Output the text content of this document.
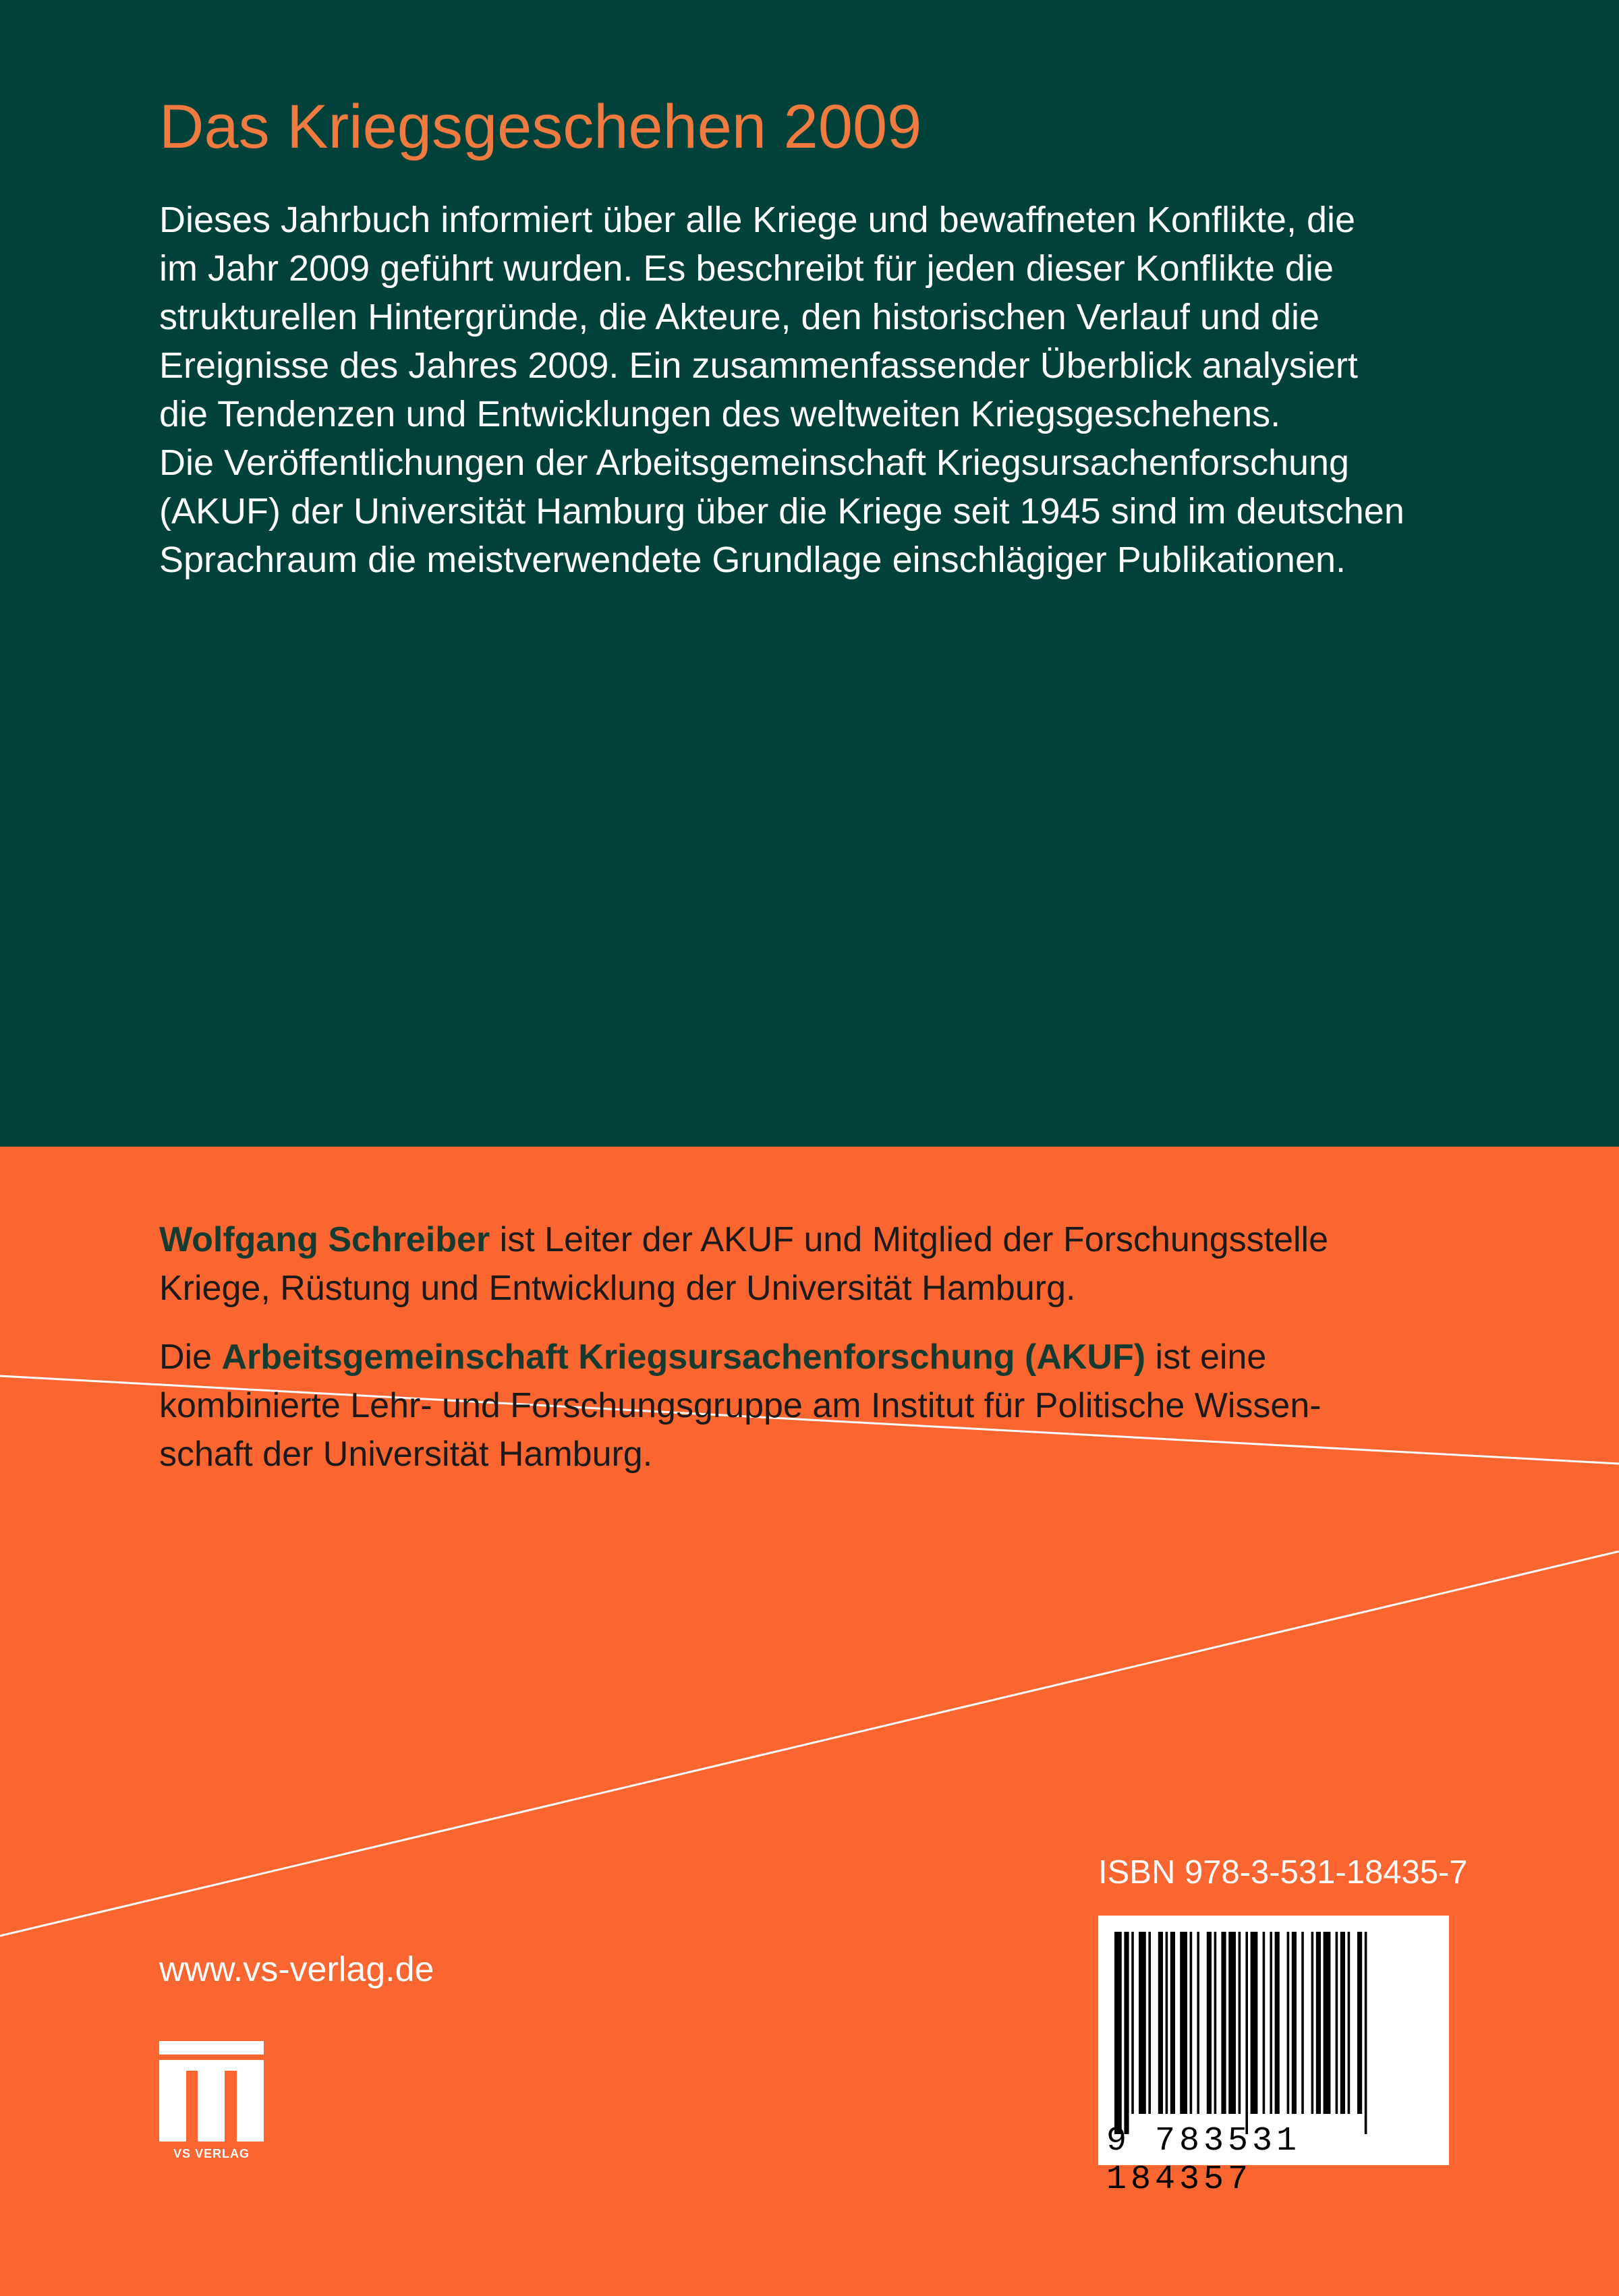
Das Kriegsgeschehen 2009

Dieses Jahrbuch informiert über alle Kriege und bewaffneten Konflikte, die

im Jahr 2009 geführt wurden. Es beschreibt für jeden dieser Konflikte die

strukturellen Hintergründe, die Akteure, den historischen Verlauf und die

Ereignisse des Jahres 2009. Ein zusammenfassender Überblick analysiert

die Tendenzen und Entwicklungen des weltweiten Kriegsgeschehens.

Die Veröffentlichungen der Arbeitsgemeinschaft Kriegsursachenforschung

(AKUF) der Universität Hamburg über die Kriege seit 1945 sind im deutschen

Sprachraum die meistverwendete Grundlage einschlägiger Publikationen.

Wolfgang Schreiber ist Leiter der AKUF und Mitglied der Forschungsstelle
Kriege, Rüstung und Entwicklung der Universität Hamburg.

Die Arbeitsgemeinschaft Kriegsursachenforschung (AKUF) ist eine
kombinierte Lehr- und Forschungsgruppe am Institut für Politische Wissen-
schaft der Universität Hamburg.

ISBN 978-3-531-18435-7
9 783531 184357
www.vs-verlag.de
VS VERLAG
